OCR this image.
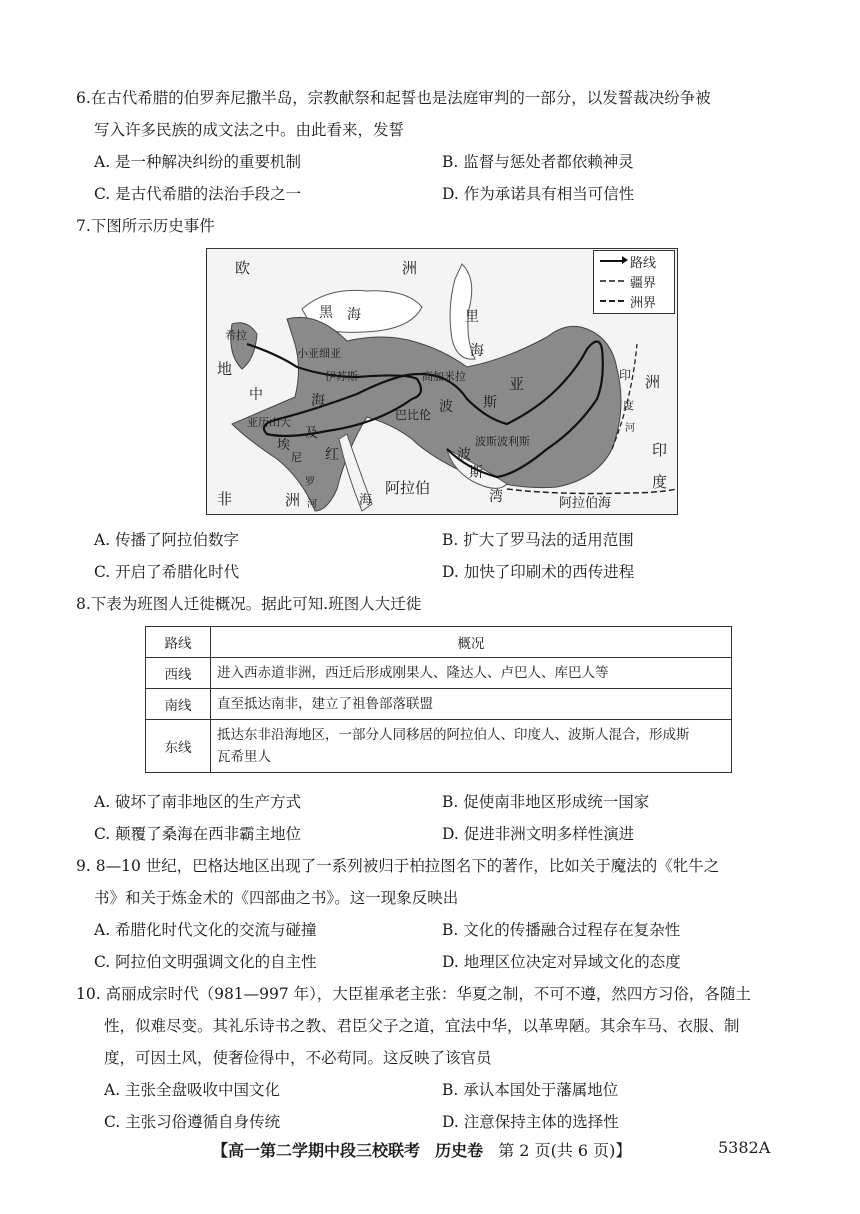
6.在古代希腊的伯罗奔尼撒半岛，宗教献祭和起誓也是法庭审判的一部分，以发誓裁决纷争被
写入许多民族的成文法之中。由此看来，发誓
A. 是一种解决纠纷的重要机制	B. 监督与惩处者都依赖神灵
C. 是古代希腊的法治手段之一	D. 作为承诺具有相当可信性
7.下图所示历史事件
欧	洲
黑 海	里
海
地
中	海
希拉
小亚细亚
伊苏斯	高加米拉
巴比伦 波 斯
亚
波斯波利斯
亚历山大
埃
及
尼 红
海
罗
河
波
斯
湾
非	洲
阿拉伯
印
度
印
度
河
洲
阿拉伯海
路线
疆界
洲界
A. 传播了阿拉伯数字	B. 扩大了罗马法的适用范围
C. 开启了希腊化时代	D. 加快了印刷术的西传进程
8.下表为班图人迁徙概况。据此可知.班图人大迁徙
路线	概况
西线	进入西赤道非洲，西迁后形成刚果人、隆达人、卢巴人、库巴人等
南线	直至抵达南非，建立了祖鲁部落联盟
东线	抵达东非沿海地区，一部分人同移居的阿拉伯人、印度人、波斯人混合，形成斯
瓦希里人
A. 破坏了南非地区的生产方式	B. 促使南非地区形成统一国家
C. 颠覆了桑海在西非霸主地位	D. 促进非洲文明多样性演进
9. 8—10 世纪，巴格达地区出现了一系列被归于柏拉图名下的著作，比如关于魔法的《牝牛之
书》和关于炼金术的《四部曲之书》。这一现象反映出
A. 希腊化时代文化的交流与碰撞	B. 文化的传播融合过程存在复杂性
C. 阿拉伯文明强调文化的自主性	D. 地理区位决定对异域文化的态度
10. 高丽成宗时代（981—997 年），大臣崔承老主张：华夏之制，不可不遵，然四方习俗，各随土
性，似难尽变。其礼乐诗书之教、君臣父子之道，宜法中华，以革卑陋。其余车马、衣服、制
度，可因土风，使奢俭得中，不必苟同。这反映了该官员
A. 主张全盘吸收中国文化	B. 承认本国处于藩属地位
C. 主张习俗遵循自身传统	D. 注意保持主体的选择性
【高一第二学期中段三校联考 历史卷 第 2 页(共 6 页)】	5382A
